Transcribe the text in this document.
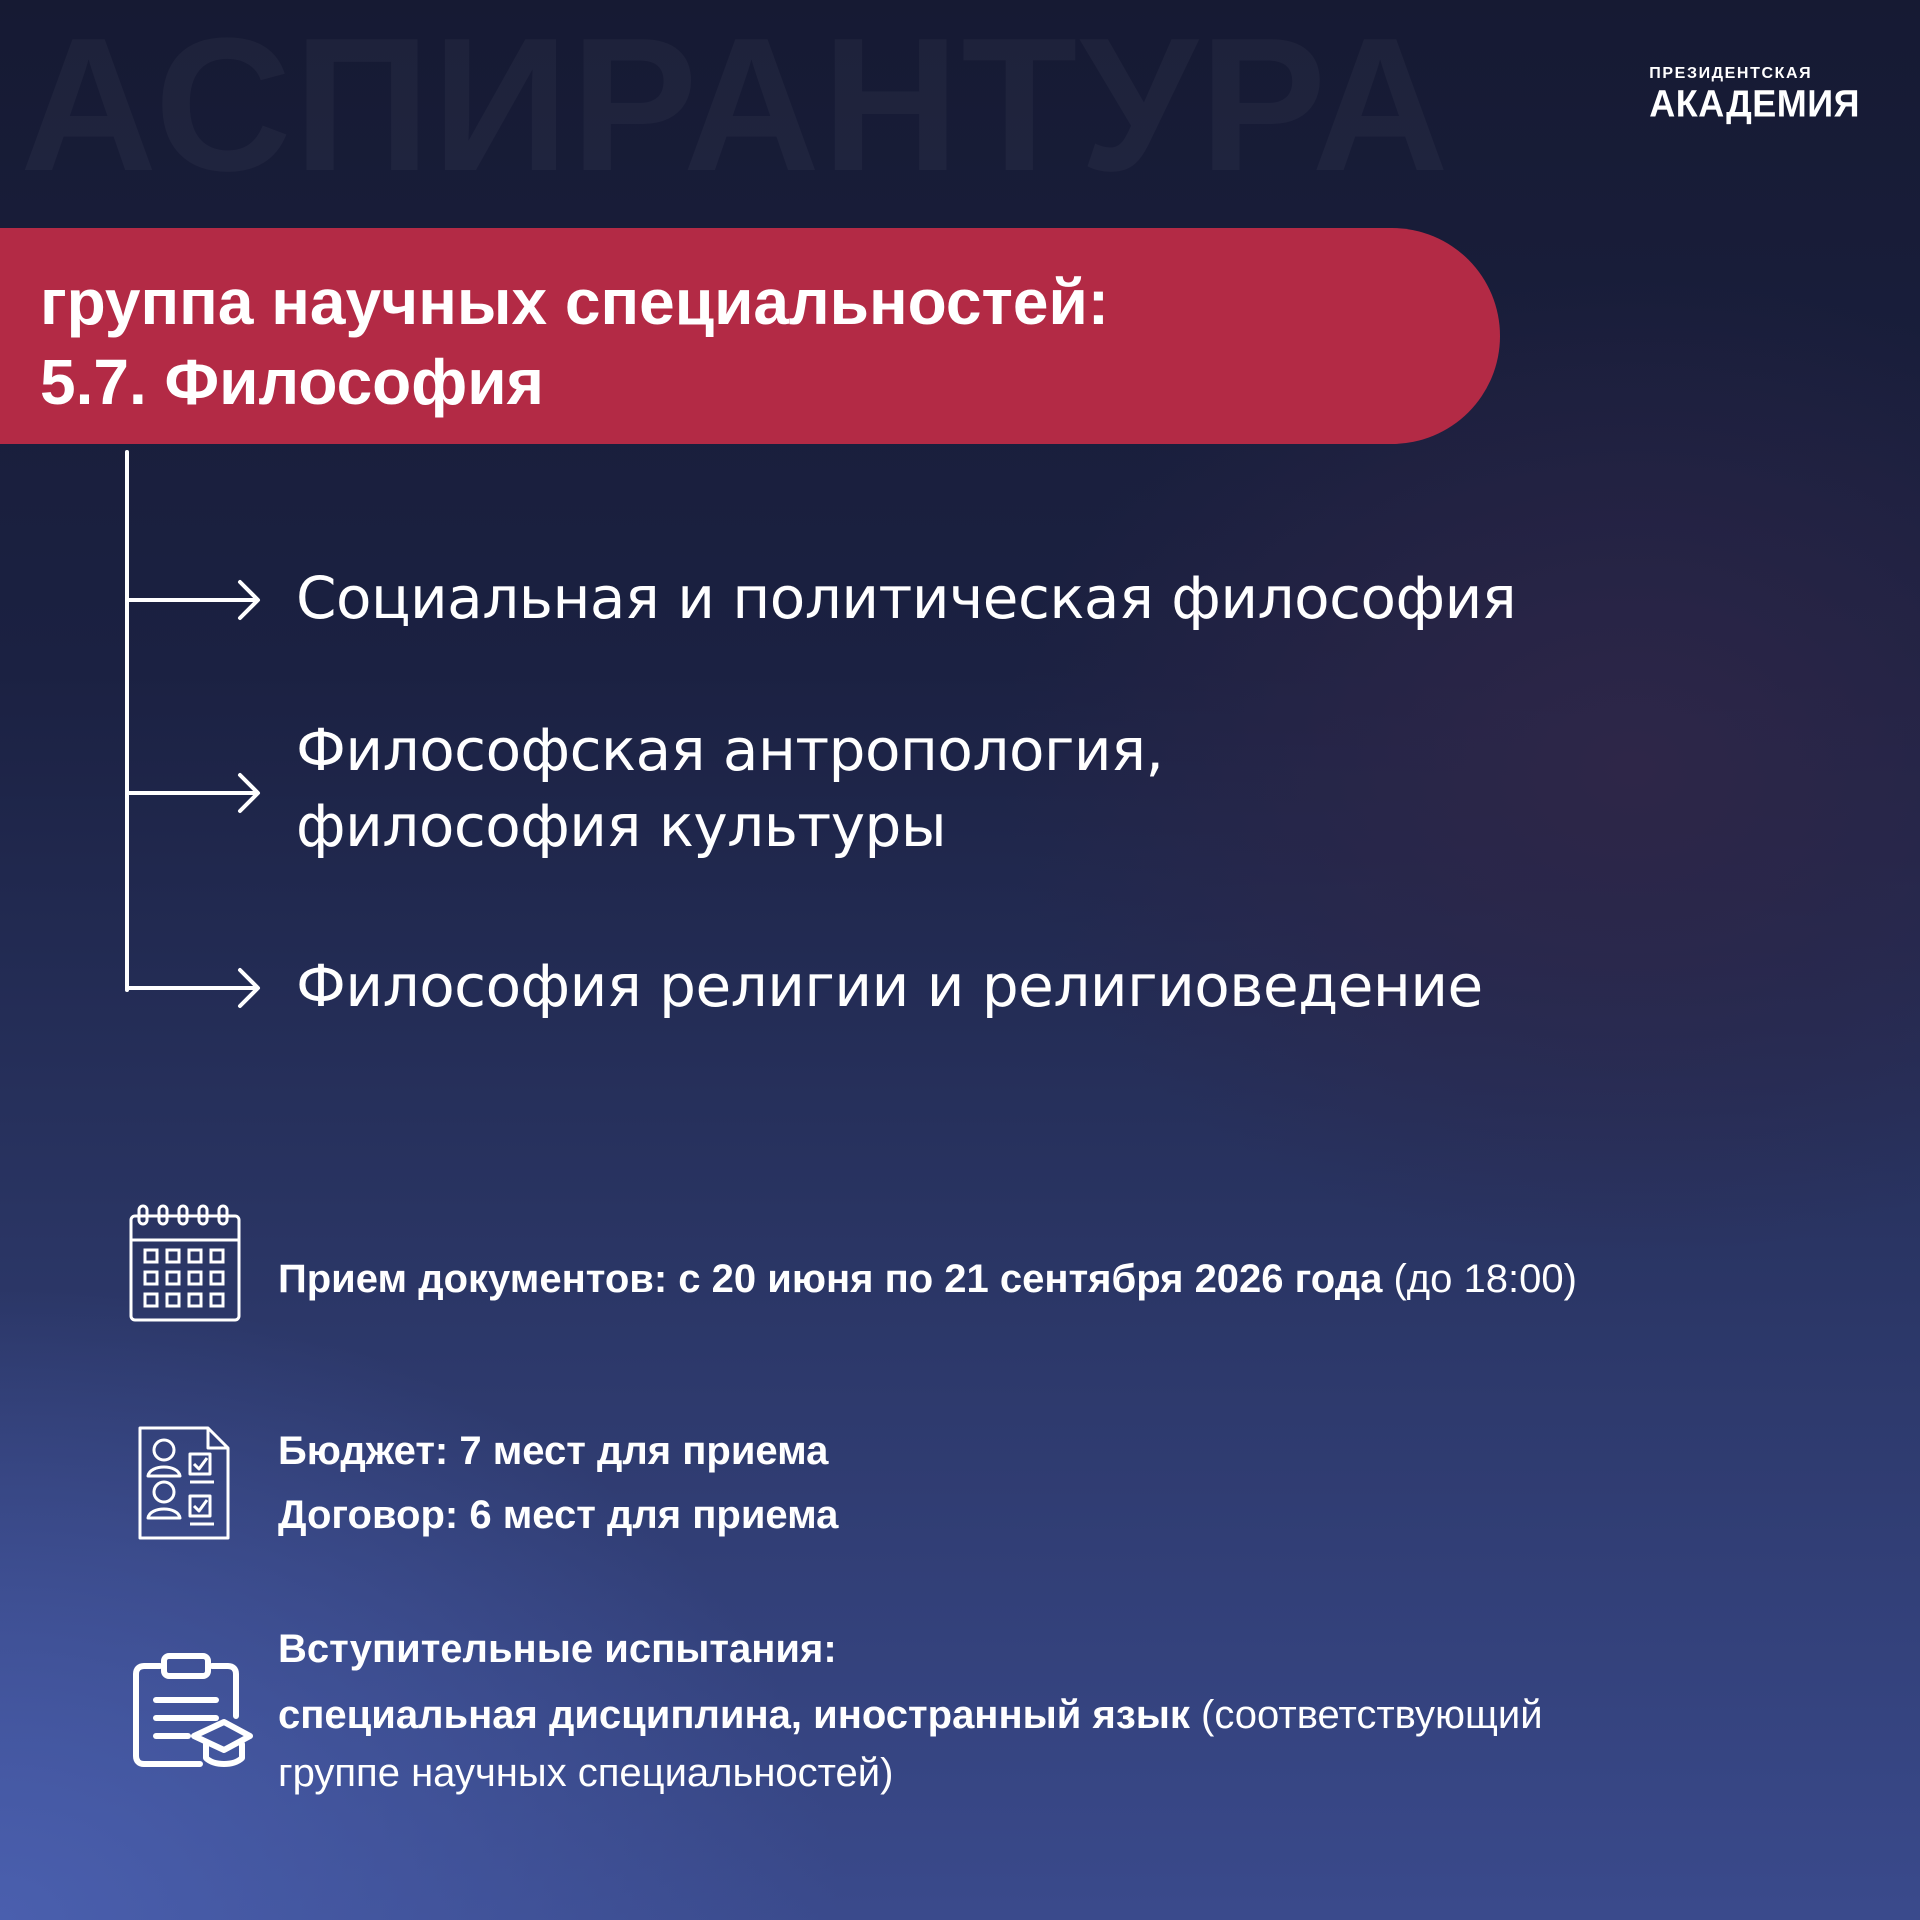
ПРЕЗИДЕНТСКАЯ
АКАДЕМИЯ
группа научных специальностей:
5.7. Философия
Социальная и политическая философия
Философская антропология,
философия культуры
Философия религии и религиоведение
Прием документов: с 20 июня по 21 сентября 2026 года (до 18:00)
Бюджет: 7 мест для приема
Договор: 6 мест для приема
Вступительные испытания:
специальная дисциплина, иностранный язык (соответствующий
группе научных специальностей)
